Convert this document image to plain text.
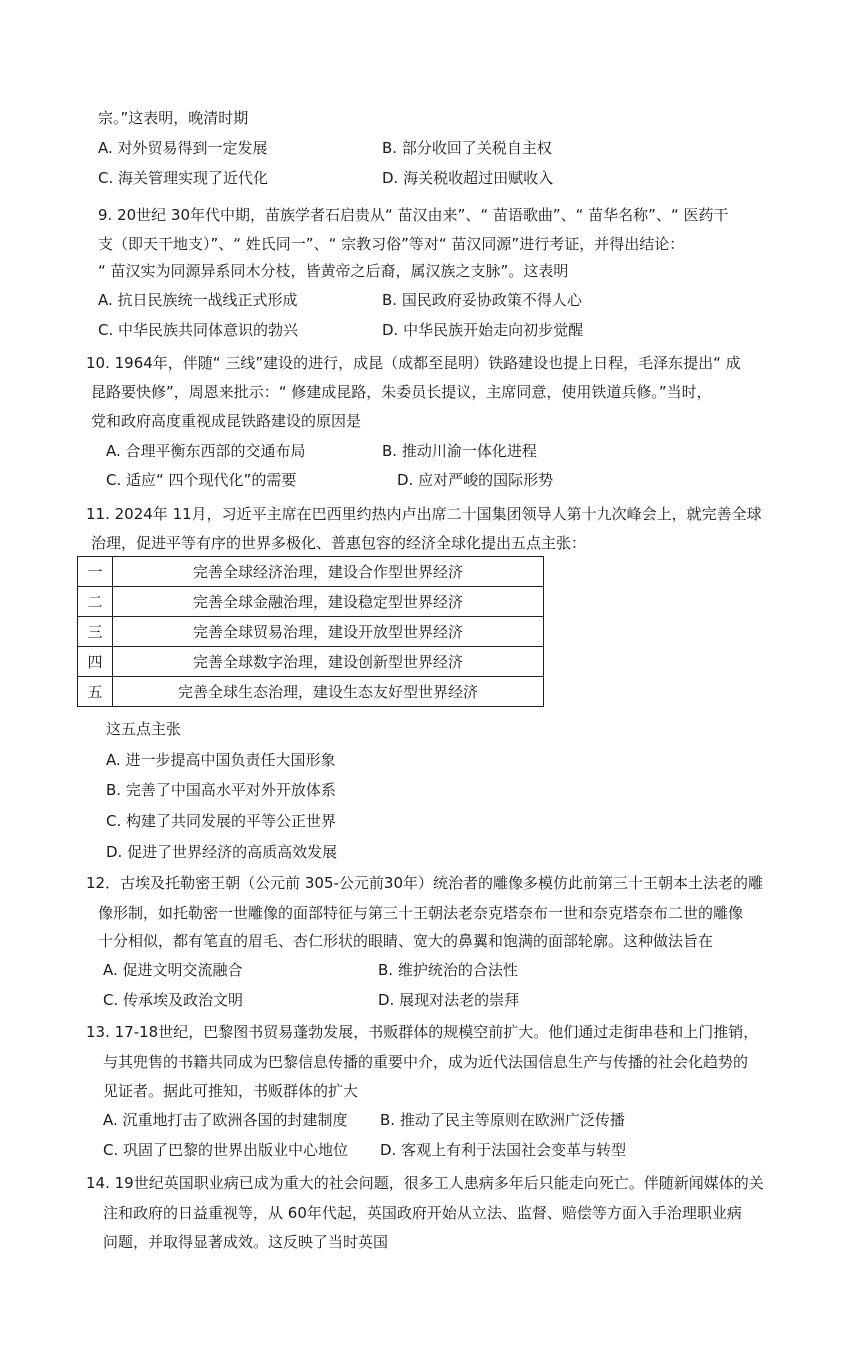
宗。”这表明，晚清时期
A. 对外贸易得到一定发展	B. 部分收回了关税自主权
C. 海关管理实现了近代化	D. 海关税收超过田赋收入
9. 20世纪 30年代中期，苗族学者石启贵从“ 苗汉由来”、“ 苗语歌曲”、“ 苗华名称”、“ 医药干
支（即天干地支）”、“ 姓氏同一”、“ 宗教习俗”等对“ 苗汉同源”进行考证，并得出结论：
“ 苗汉实为同源异系同木分枝，皆黄帝之后裔，属汉族之支脉”。这表明
A. 抗日民族统一战线正式形成	B. 国民政府妥协政策不得人心
C. 中华民族共同体意识的勃兴	D. 中华民族开始走向初步觉醒
10. 1964年，伴随“ 三线”建设的进行，成昆（成都至昆明）铁路建设也提上日程，毛泽东提出“ 成
昆路要快修”，周恩来批示：“ 修建成昆路，朱委员长提议，主席同意，使用铁道兵修。”当时，
党和政府高度重视成昆铁路建设的原因是
A. 合理平衡东西部的交通布局	B. 推动川渝一体化进程
C. 适应“ 四个现代化”的需要	D. 应对严峻的国际形势
11. 2024年 11月，习近平主席在巴西里约热内卢出席二十国集团领导人第十九次峰会上，就完善全球
治理，促进平等有序的世界多极化、普惠包容的经济全球化提出五点主张：
一	完善全球经济治理，建设合作型世界经济
二	完善全球金融治理，建设稳定型世界经济
三	完善全球贸易治理，建设开放型世界经济
四	完善全球数字治理，建设创新型世界经济
五	完善全球生态治理，建设生态友好型世界经济
这五点主张
A. 进一步提高中国负责任大国形象
B. 完善了中国高水平对外开放体系
C. 构建了共同发展的平等公正世界
D. 促进了世界经济的高质高效发展
12．古埃及托勒密王朝（公元前 305-公元前30年）统治者的雕像多模仿此前第三十王朝本土法老的雕
像形制，如托勒密一世雕像的面部特征与第三十王朝法老奈克塔奈布一世和奈克塔奈布二世的雕像
十分相似，都有笔直的眉毛、杏仁形状的眼睛、宽大的鼻翼和饱满的面部轮廓。这种做法旨在
A. 促进文明交流融合	B. 维护统治的合法性
C. 传承埃及政治文明	D. 展现对法老的崇拜
13. 17-18世纪，巴黎图书贸易蓬勃发展，书贩群体的规模空前扩大。他们通过走街串巷和上门推销，
与其兜售的书籍共同成为巴黎信息传播的重要中介，成为近代法国信息生产与传播的社会化趋势的
见证者。据此可推知，书贩群体的扩大
A. 沉重地打击了欧洲各国的封建制度 B. 推动了民主等原则在欧洲广泛传播
C. 巩固了巴黎的世界出版业中心地位 D. 客观上有利于法国社会变革与转型
14. 19世纪英国职业病已成为重大的社会问题，很多工人患病多年后只能走向死亡。伴随新闻媒体的关
注和政府的日益重视等，从 60年代起，英国政府开始从立法、监督、赔偿等方面入手治理职业病
问题，并取得显著成效。这反映了当时英国
